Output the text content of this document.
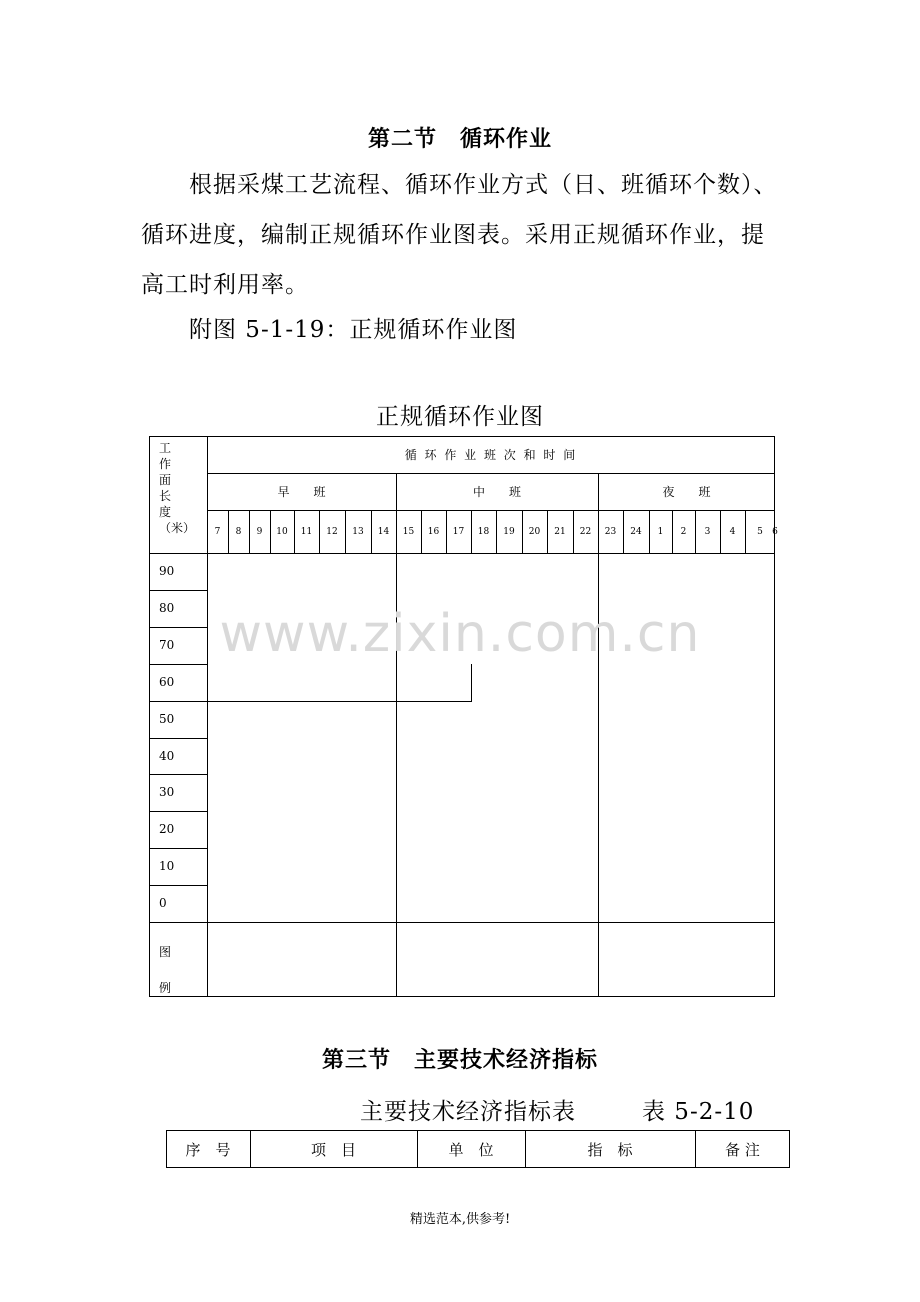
第二节　循环作业
根据采煤工艺流程、循环作业方式（日、班循环个数）、
循环进度，编制正规循环作业图表。采用正规循环作业，提
高工时利用率。
附图 5-1-19：正规循环作业图
正规循环作业图
工
作
面
长
度
（米）
循 环 作 业 班 次 和 时 间
早　　班	中　　班	夜　　班
7	8	9	10	11	12	13	14	15	16	17	18	19	20	21	22	23	24	1	2	3	4	5	6
90
80
70
60
50
40
30
20
10
0
图
例
www.zixin.com.cn
第三节　主要技术经济指标
主要技术经济指标表	表 5-2-10
序　号	项　目	单　位	指　标	备 注
精选范本,供参考!
